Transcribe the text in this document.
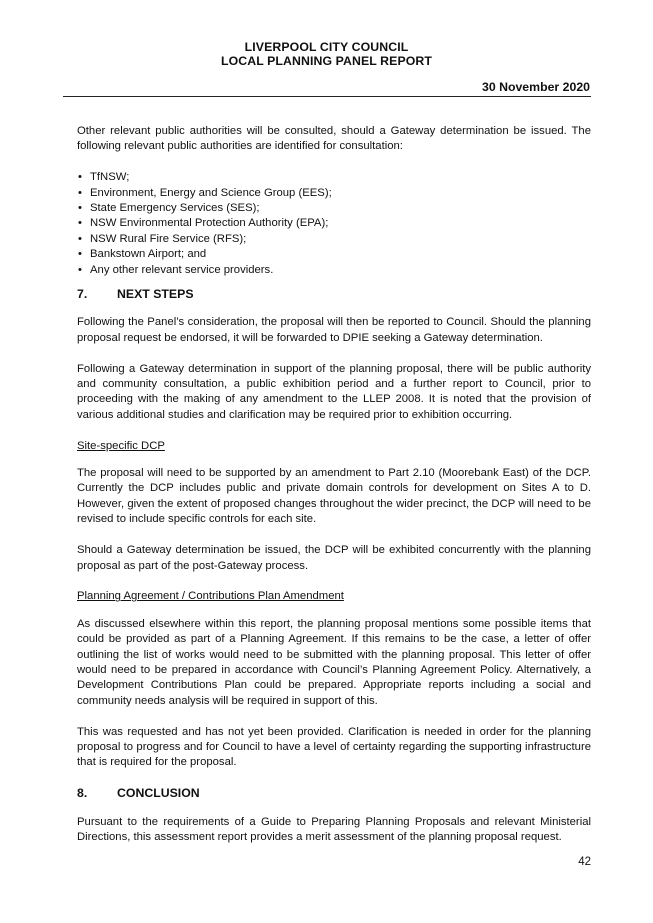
LIVERPOOL CITY COUNCIL
LOCAL PLANNING PANEL REPORT
30 November 2020

Other relevant public authorities will be consulted, should a Gateway determination be issued. The following relevant public authorities are identified for consultation:

• TfNSW;
• Environment, Energy and Science Group (EES);
• State Emergency Services (SES);
• NSW Environmental Protection Authority (EPA);
• NSW Rural Fire Service (RFS);
• Bankstown Airport; and
• Any other relevant service providers.
7.	NEXT STEPS

Following the Panel’s consideration, the proposal will then be reported to Council. Should the planning proposal request be endorsed, it will be forwarded to DPIE seeking a Gateway determination.

Following a Gateway determination in support of the planning proposal, there will be public authority and community consultation, a public exhibition period and a further report to Council, prior to proceeding with the making of any amendment to the LLEP 2008. It is noted that the provision of various additional studies and clarification may be required prior to exhibition occurring.

Site-specific DCP

The proposal will need to be supported by an amendment to Part 2.10 (Moorebank East) of the DCP. Currently the DCP includes public and private domain controls for development on Sites A to D. However, given the extent of proposed changes throughout the wider precinct, the DCP will need to be revised to include specific controls for each site.

Should a Gateway determination be issued, the DCP will be exhibited concurrently with the planning proposal as part of the post-Gateway process.

Planning Agreement / Contributions Plan Amendment

As discussed elsewhere within this report, the planning proposal mentions some possible items that could be provided as part of a Planning Agreement. If this remains to be the case, a letter of offer outlining the list of works would need to be submitted with the planning proposal. This letter of offer would need to be prepared in accordance with Council’s Planning Agreement Policy. Alternatively, a Development Contributions Plan could be prepared. Appropriate reports including a social and community needs analysis will be required in support of this.

This was requested and has not yet been provided. Clarification is needed in order for the planning proposal to progress and for Council to have a level of certainty regarding the supporting infrastructure that is required for the proposal.

8.	CONCLUSION

Pursuant to the requirements of a Guide to Preparing Planning Proposals and relevant Ministerial Directions, this assessment report provides a merit assessment of the planning proposal request.

42
